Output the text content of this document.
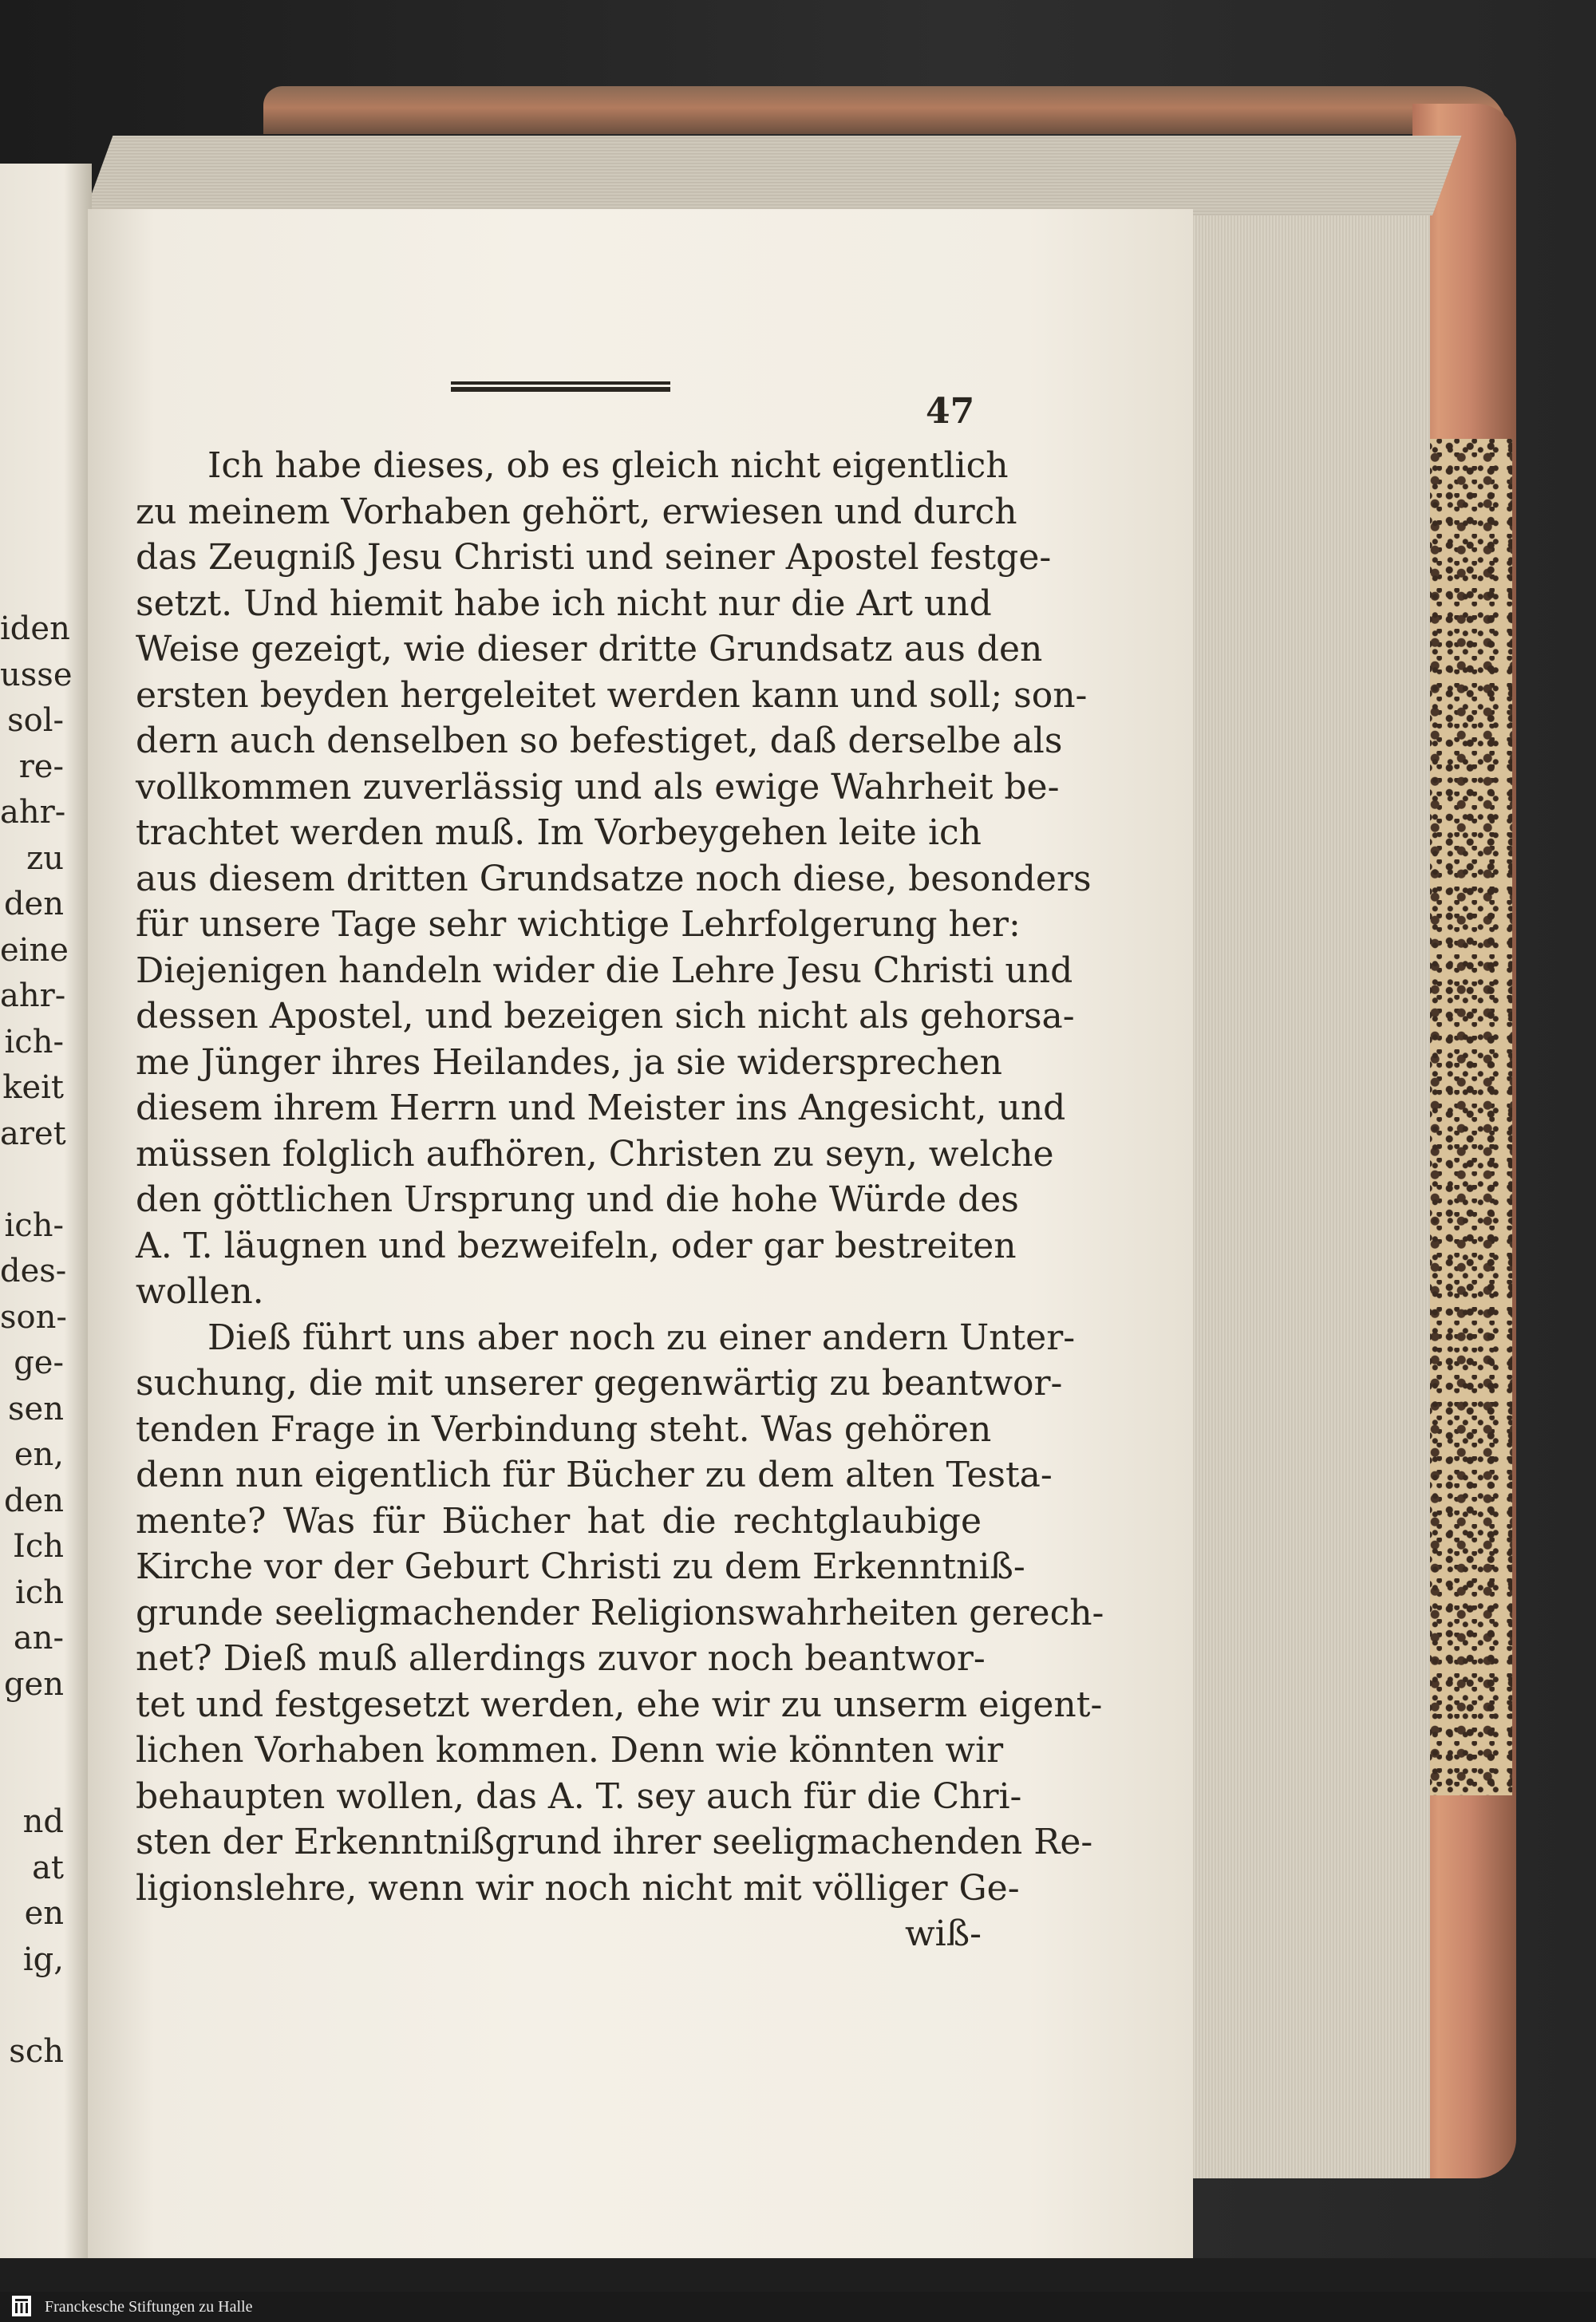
iden
usse
sol-
re-
ahr-
zu
den
eine
ahr-
ich-
keit
aret
ich-
des-
son-
ge-
sen
en,
den
Ich
ich
an-
gen
nd
at
en
ig,
sch
47
Ich habe dieses, ob es gleich nicht eigentlich
zu meinem Vorhaben gehört, erwiesen und durch
das Zeugniß Jesu Christi und seiner Apostel festge-
setzt. Und hiemit habe ich nicht nur die Art und
Weise gezeigt, wie dieser dritte Grundsatz aus den
ersten beyden hergeleitet werden kann und soll; son-
dern auch denselben so befestiget, daß derselbe als
vollkommen zuverlässig und als ewige Wahrheit be-
trachtet werden muß. Im Vorbeygehen leite ich
aus diesem dritten Grundsatze noch diese, besonders
für unsere Tage sehr wichtige Lehrfolgerung her:
Diejenigen handeln wider die Lehre Jesu Christi und
dessen Apostel, und bezeigen sich nicht als gehorsa-
me Jünger ihres Heilandes, ja sie widersprechen
diesem ihrem Herrn und Meister ins Angesicht, und
müssen folglich aufhören, Christen zu seyn, welche
den göttlichen Ursprung und die hohe Würde des
A. T. läugnen und bezweifeln, oder gar bestreiten
wollen.
Dieß führt uns aber noch zu einer andern Unter-
suchung, die mit unserer gegenwärtig zu beantwor-
tenden Frage in Verbindung steht. Was gehören
denn nun eigentlich für Bücher zu dem alten Testa-
mente? Was für Bücher hat die rechtglaubige
Kirche vor der Geburt Christi zu dem Erkenntniß-
grunde seeligmachender Religionswahrheiten gerech-
net? Dieß muß allerdings zuvor noch beantwor-
tet und festgesetzt werden, ehe wir zu unserm eigent-
lichen Vorhaben kommen. Denn wie könnten wir
behaupten wollen, das A. T. sey auch für die Chri-
sten der Erkenntnißgrund ihrer seeligmachenden Re-
ligionslehre, wenn wir noch nicht mit völliger Ge-
wiß-
Franckesche Stiftungen zu Halle
